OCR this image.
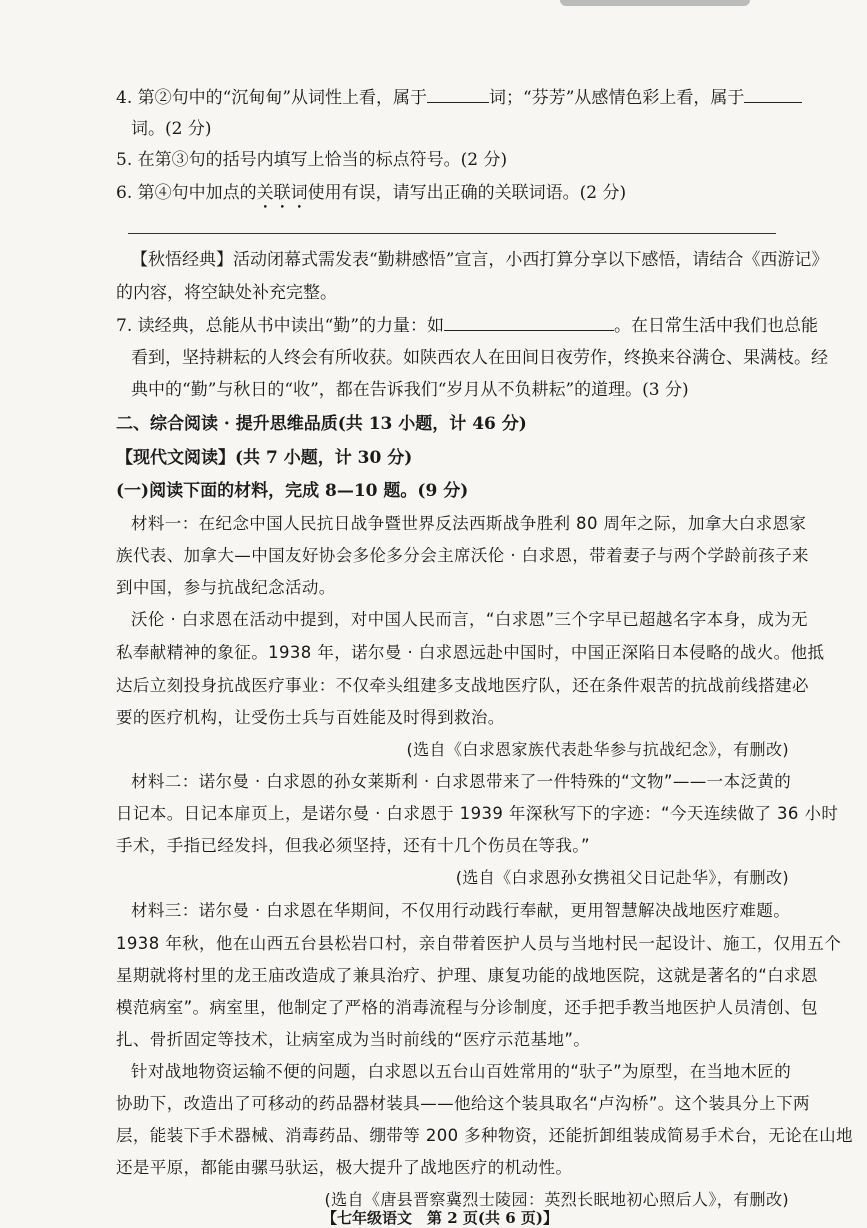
4. 第②句中的“沉甸甸”从词性上看，属于	词；“芬芳”从感情色彩上看，属于
词。(2 分)
5. 在第③句的括号内填写上恰当的标点符号。(2 分)
6. 第④句中加点的关联词使用有误，请写出正确的关联词语。(2 分)
【秋悟经典】活动闭幕式需发表“勤耕感悟”宣言，小西打算分享以下感悟，请结合《西游记》
的内容，将空缺处补充完整。
7. 读经典，总能从书中读出“勤”的力量：如	。在日常生活中我们也总能
看到，坚持耕耘的人终会有所收获。如陕西农人在田间日夜劳作，终换来谷满仓、果满枝。经
典中的“勤”与秋日的“收”，都在告诉我们“岁月从不负耕耘”的道理。(3 分)
二、综合阅读 · 提升思维品质(共 13 小题，计 46 分)
【现代文阅读】(共 7 小题，计 30 分)
(一)阅读下面的材料，完成 8—10 题。(9 分)
材料一：在纪念中国人民抗日战争暨世界反法西斯战争胜利 80 周年之际，加拿大白求恩家
族代表、加拿大—中国友好协会多伦多分会主席沃伦 · 白求恩，带着妻子与两个学龄前孩子来
到中国，参与抗战纪念活动。
沃伦 · 白求恩在活动中提到，对中国人民而言，“白求恩”三个字早已超越名字本身，成为无
私奉献精神的象征。1938 年，诺尔曼 · 白求恩远赴中国时，中国正深陷日本侵略的战火。他抵
达后立刻投身抗战医疗事业：不仅牵头组建多支战地医疗队，还在条件艰苦的抗战前线搭建必
要的医疗机构，让受伤士兵与百姓能及时得到救治。
(选自《白求恩家族代表赴华参与抗战纪念》，有删改)
材料二：诺尔曼 · 白求恩的孙女莱斯利 · 白求恩带来了一件特殊的“文物”——一本泛黄的
日记本。日记本扉页上，是诺尔曼 · 白求恩于 1939 年深秋写下的字迹：“今天连续做了 36 小时
手术，手指已经发抖，但我必须坚持，还有十几个伤员在等我。”
(选自《白求恩孙女携祖父日记赴华》，有删改)
材料三：诺尔曼 · 白求恩在华期间，不仅用行动践行奉献，更用智慧解决战地医疗难题。
1938 年秋，他在山西五台县松岩口村，亲自带着医护人员与当地村民一起设计、施工，仅用五个
星期就将村里的龙王庙改造成了兼具治疗、护理、康复功能的战地医院，这就是著名的“白求恩
模范病室”。病室里，他制定了严格的消毒流程与分诊制度，还手把手教当地医护人员清创、包
扎、骨折固定等技术，让病室成为当时前线的“医疗示范基地”。
针对战地物资运输不便的问题，白求恩以五台山百姓常用的“驮子”为原型，在当地木匠的
协助下，改造出了可移动的药品器材装具——他给这个装具取名“卢沟桥”。这个装具分上下两
层，能装下手术器械、消毒药品、绷带等 200 多种物资，还能折卸组装成简易手术台，无论在山地
还是平原，都能由骡马驮运，极大提升了战地医疗的机动性。
(选自《唐县晋察冀烈士陵园：英烈长眠地初心照后人》，有删改)
【七年级语文　第 2 页(共 6 页)】
